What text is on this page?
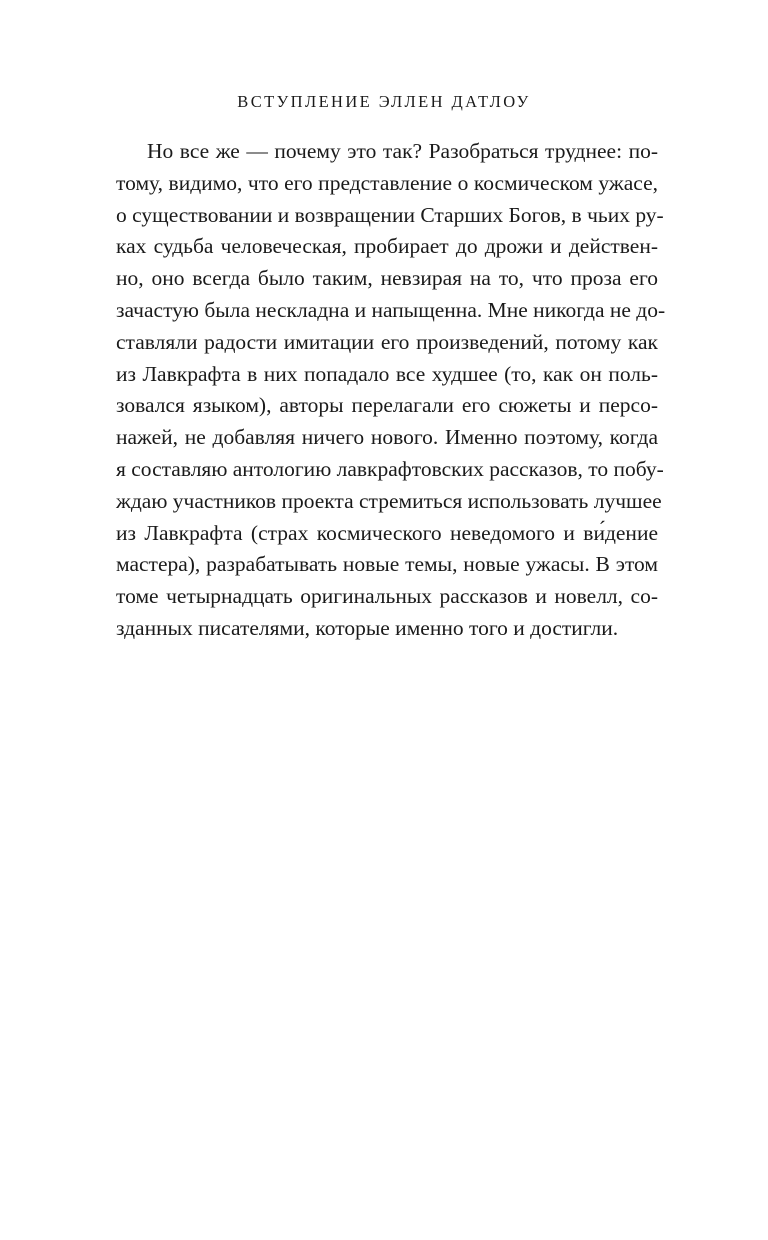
ВСТУПЛЕНИЕ ЭЛЛЕН ДАТЛОУ
Но все же — почему это так? Разобраться труднее: по-
тому, видимо, что его представление о космическом ужасе,
о существовании и возвращении Старших Богов, в чьих ру-
ках судьба человеческая, пробирает до дрожи и действен-
но, оно всегда было таким, невзирая на то, что проза его
зачастую была нескладна и напыщенна. Мне никогда не до-
ставляли радости имитации его произведений, потому как
из Лавкрафта в них попадало все худшее (то, как он поль-
зовался языком), авторы перелагали его сюжеты и персо-
нажей, не добавляя ничего нового. Именно поэтому, когда
я составляю антологию лавкрафтовских рассказов, то побу-
ждаю участников проекта стремиться использовать лучшее
из Лавкрафта (страх космического неведомого и ви́дение
мастера), разрабатывать новые темы, новые ужасы. В этом
томе четырнадцать оригинальных рассказов и новелл, со-
зданных писателями, которые именно того и достигли.
